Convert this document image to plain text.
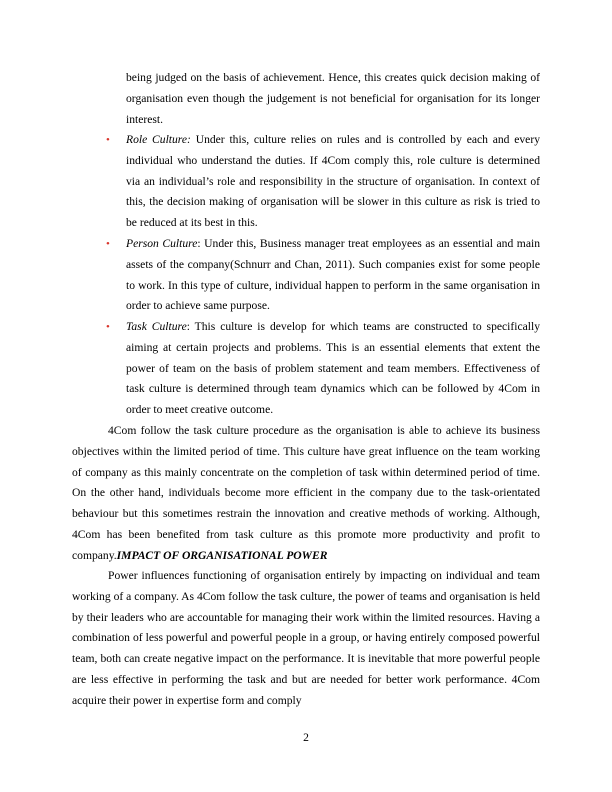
being judged on the basis of achievement. Hence, this creates quick decision making of organisation even though the judgement is not beneficial for organisation for its longer interest.

• Role Culture: Under this, culture relies on rules and is controlled by each and every individual who understand the duties. If 4Com comply this, role culture is determined via an individual’s role and responsibility in the structure of organisation. In context of this, the decision making of organisation will be slower in this culture as risk is tried to be reduced at its best in this.
• Person Culture: Under this, Business manager treat employees as an essential and main assets of the company(Schnurr and Chan, 2011). Such companies exist for some people to work. In this type of culture, individual happen to perform in the same organisation in order to achieve same purpose.
• Task Culture: This culture is develop for which teams are constructed to specifically aiming at certain projects and problems. This is an essential elements that extent the power of team on the basis of problem statement and team members. Effectiveness of task culture is determined through team dynamics which can be followed by 4Com in order to meet creative outcome.

4Com follow the task culture procedure as the organisation is able to achieve its business objectives within the limited period of time. This culture have great influence on the team working of company as this mainly concentrate on the completion of task within determined period of time. On the other hand, individuals become more efficient in the company due to the task-orientated behaviour but this sometimes restrain the innovation and creative methods of working. Although, 4Com has been benefited from task culture as this promote more productivity and profit to company.IMPACT OF ORGANISATIONAL POWER

Power influences functioning of organisation entirely by impacting on individual and team working of a company. As 4Com follow the task culture, the power of teams and organisation is held by their leaders who are accountable for managing their work within the limited resources. Having a combination of less powerful and powerful people in a group, or having entirely composed powerful team, both can create negative impact on the performance. It is inevitable that more powerful people are less effective in performing the task and but are needed for better work performance. 4Com acquire their power in expertise form and comply

2
